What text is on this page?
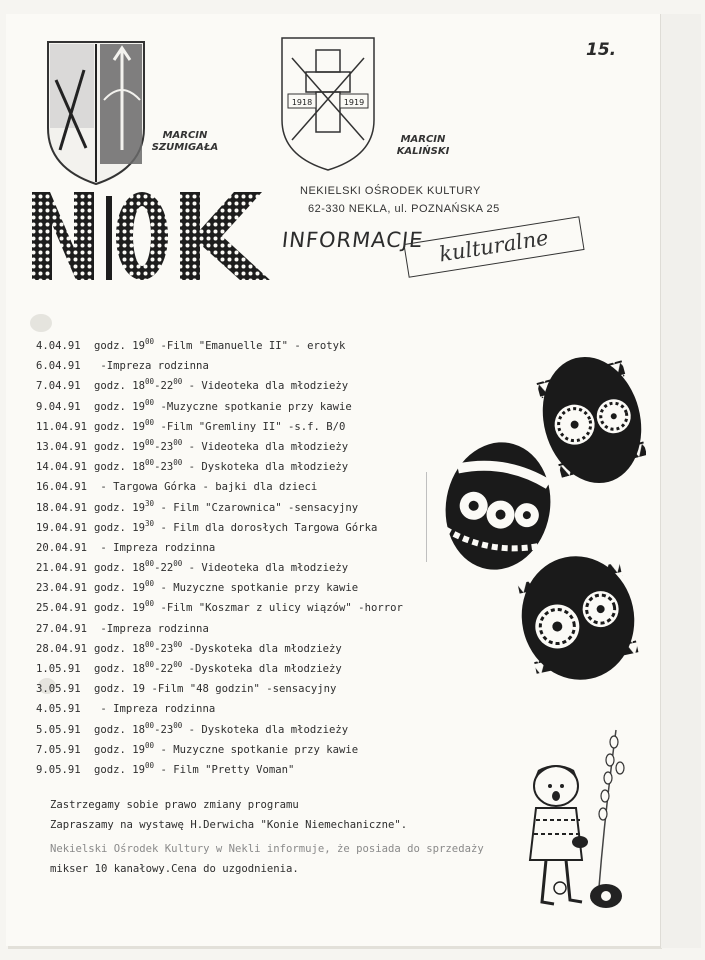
15.
MARCIN SZUMIGAŁA
1918	1919
MARCIN KALIŃSKI
NEKIELSKI OŚRODEK KULTURY
62-330 NEKLA, ul. POZNAŃSKA 25
INFORMACJE kulturalne
4.04.91 godz. $19^{00}$ -Film "Emanuelle II" - erotyk
6.04.91 -Impreza rodzinna
7.04.91 godz. $18^{00}-22^{00}$ - Videoteka dla młodzieży
9.04.91 godz. $19^{00}$ -Muzyczne spotkanie przy kawie
11.04.91 godz. $19^{00}$ -Film "Gremliny II" -s.f. B/0
13.04.91 godz. $19^{00}-23^{00}$ - Videoteka dla młodzieży
14.04.91 godz. $18^{00}-23^{00}$ - Dyskoteka dla młodzieży
16.04.91 - Targowa Górka - bajki dla dzieci
18.04.91 godz. $19^{30}$ - Film "Czarownica" -sensacyjny
19.04.91 godz. $19^{30}$ - Film dla dorosłych Targowa Górka
20.04.91 - Impreza rodzinna
21.04.91 godz. $18^{00}-22^{00}$ - Videoteka dla młodzieży
23.04.91 godz. $19^{00}$ - Muzyczne spotkanie przy kawie
25.04.91 godz. $19^{00}$ -Film "Koszmar z ulicy wiązów" -horror
27.04.91 -Impreza rodzinna
28.04.91 godz. $18^{00}-23^{00}$ -Dyskoteka dla młodzieży
1.05.91 godz. $18^{00}-22^{00}$ -Dyskoteka dla młodzieży
3.05.91 godz. 19 -Film "48 godzin" -sensacyjny
4.05.91 - Impreza rodzinna
5.05.91 godz. $18^{00}-23^{00}$ - Dyskoteka dla młodzieży
7.05.91 godz. $19^{00}$ - Muzyczne spotkanie przy kawie
9.05.91 godz. $19^{00}$ - Film "Pretty Voman"
Zastrzegamy sobie prawo zmiany programu
Zapraszamy na wystawę H.Derwicha "Konie Niemechaniczne".
Nekielski Ośrodek Kultury w Nekli informuje, że posiada do sprzedaży
mikser 10 kanałowy.Cena do uzgodnienia.
